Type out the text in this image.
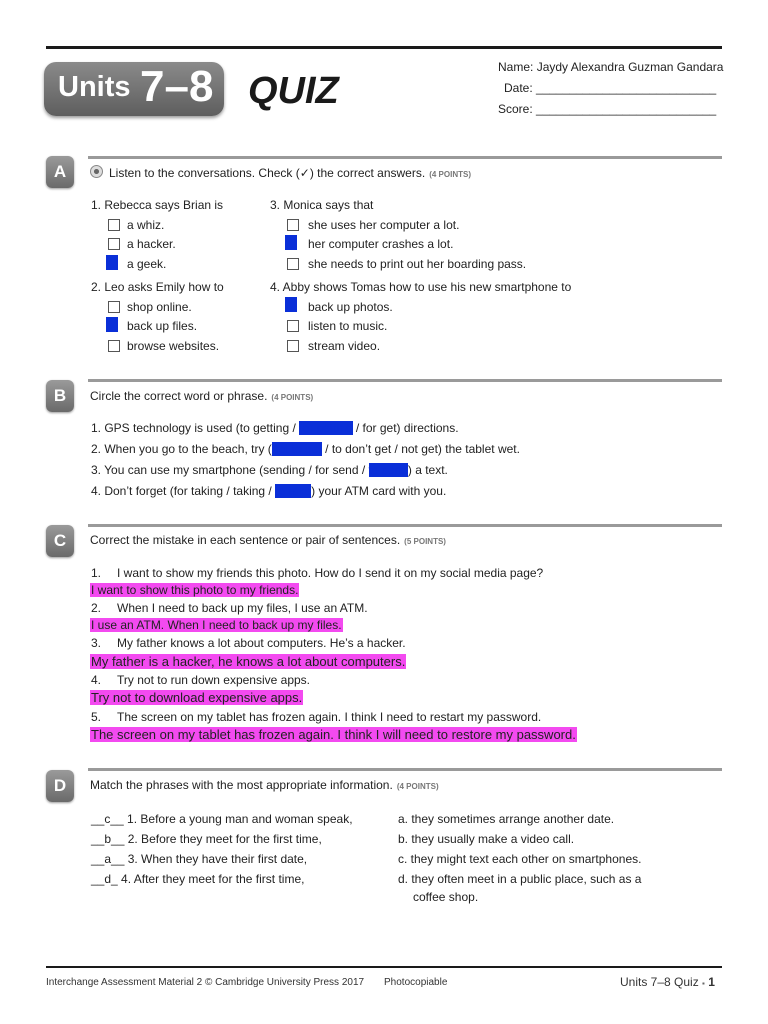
Units 7–8 QUIZ
Name: Jaydy Alexandra Guzman Gandara
Date: ___________________________
Score: ___________________________
A	Listen to the conversations. Check (✓) the correct answers. (4 POINTS)
1. Rebecca says Brian is
a whiz.
a hacker.
a geek.
2. Leo asks Emily how to
shop online.
back up files.
browse websites.
3. Monica says that
she uses her computer a lot.
her computer crashes a lot.
she needs to print out her boarding pass.
4. Abby shows Tomas how to use his new smartphone to
back up photos.
listen to music.
stream video.
B	Circle the correct word or phrase. (4 POINTS)
1. GPS technology is used (to getting / for getting / for get) directions.
2. When you go to the beach, try (not to get / to don’t get / not get) the tablet wet.
3. You can use my smartphone (sending / for send / to send) a text.
4. Don’t forget (for taking / taking / to take) your ATM card with you.
C	Correct the mistake in each sentence or pair of sentences. (5 POINTS)
1. I want to show my friends this photo. How do I send it on my social media page?
I want to show this photo to my friends.
2. When I need to back up my files, I use an ATM.
I use an ATM. When I need to back up my files.
3. My father knows a lot about computers. He’s a hacker.
My father is a hacker, he knows a lot about computers.
4. Try not to run down expensive apps.
Try not to download expensive apps.
5. The screen on my tablet has frozen again. I think I need to restart my password.
The screen on my tablet has frozen again. I think I will need to restore my password.
D	Match the phrases with the most appropriate information. (4 POINTS)
__c__ 1. Before a young man and woman speak,
__b__ 2. Before they meet for the first time,
__a__ 3. When they have their first date,
__d_ 4. After they meet for the first time,
a. they sometimes arrange another date.
b. they usually make a video call.
c. they might text each other on smartphones.
d. they often meet in a public place, such as a
coffee shop.
Interchange Assessment Material 2 © Cambridge University Press 2017 Photocopiable	Units 7–8 Quiz ▪ 1
